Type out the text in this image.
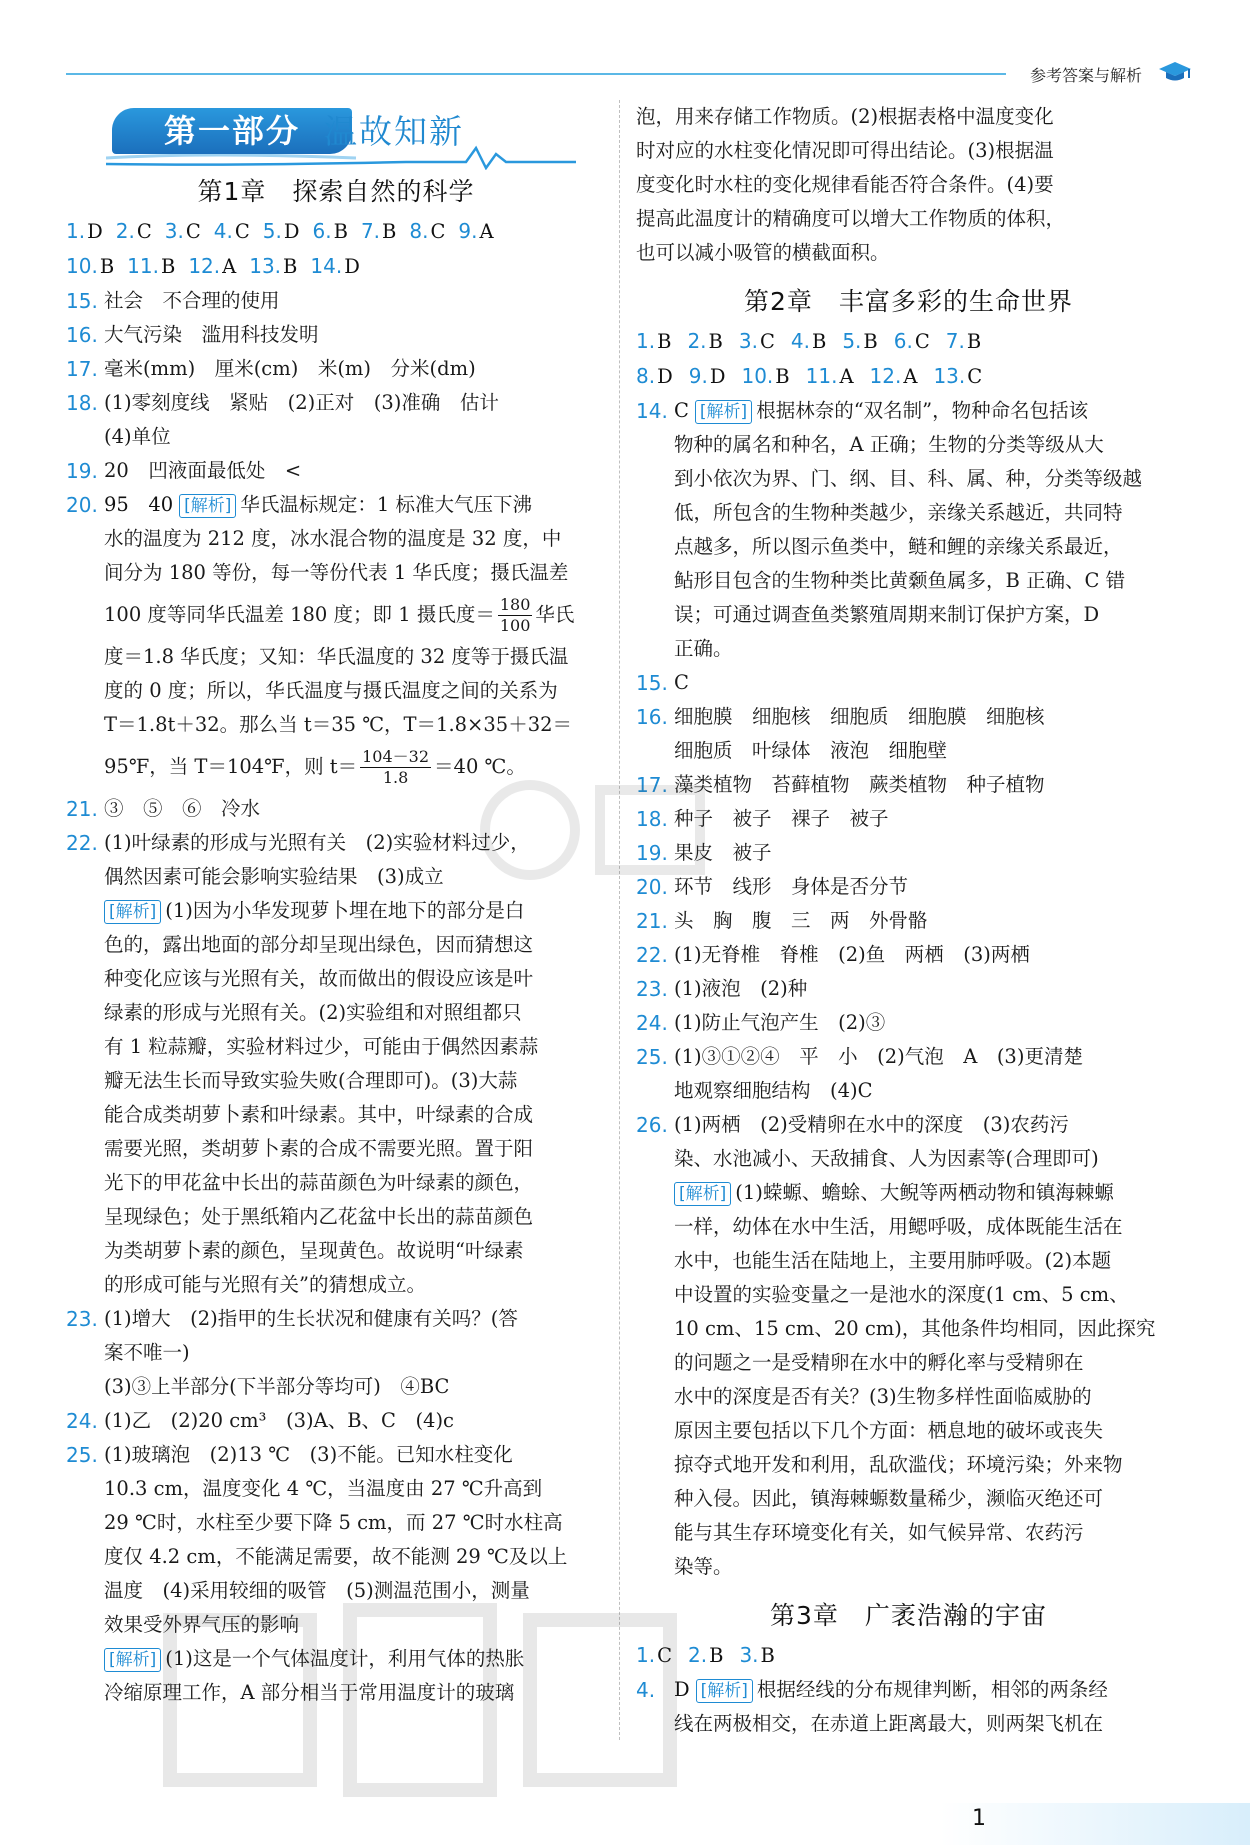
参考答案与解析
第一部分 温故知新
第1章　探索自然的科学
1. D 2. C 3. C 4. C 5. D 6. B 7. B 8. C 9. A
10. B 11. B 12. A 13. B 14. D
15. 社会　不合理的使用
16. 大气污染　滥用科技发明
17. 毫米(mm)　厘米(cm)　米(m)　分米(dm)
18. (1)零刻度线　紧贴　(2)正对　(3)准确　估计

(4)单位

19. 20　凹液面最低处　<
20. 95　40 [解析] 华氏温标规定：1 标准大气压下沸

水的温度为 212 度，冰水混合物的温度是 32 度，中

间分为 180 等份，每一等份代表 1 华氏度；摄氏温差

100 度等同华氏温差 180 度；即 1 摄氏度＝ $\frac{180}{100}$ 华氏

度＝1.8 华氏度；又知：华氏温度的 32 度等于摄氏温

度的 0 度；所以，华氏温度与摄氏温度之间的关系为

T＝1.8t＋32。那么当 t＝35 ℃，T＝1.8×35＋32＝

95℉，当 T＝104℉，则 $t= \frac{104-32}{1.8} =40$ ℃。

21. ③　⑤　⑥　冷水
22. (1)叶绿素的形成与光照有关　(2)实验材料过少，

偶然因素可能会影响实验结果　(3)成立

[解析] (1)因为小华发现萝卜埋在地下的部分是白

色的，露出地面的部分却呈现出绿色，因而猜想这

种变化应该与光照有关，故而做出的假设应该是叶

绿素的形成与光照有关。(2)实验组和对照组都只

有 1 粒蒜瓣，实验材料过少，可能由于偶然因素蒜

瓣无法生长而导致实验失败(合理即可)。(3)大蒜

能合成类胡萝卜素和叶绿素。其中，叶绿素的合成

需要光照，类胡萝卜素的合成不需要光照。置于阳

光下的甲花盆中长出的蒜苗颜色为叶绿素的颜色，

呈现绿色；处于黑纸箱内乙花盆中长出的蒜苗颜色

为类胡萝卜素的颜色，呈现黄色。故说明“叶绿素

的形成可能与光照有关”的猜想成立。

23. (1)增大　(2)指甲的生长状况和健康有关吗？(答

案不唯一)

(3)③上半部分(下半部分等均可)　④BC

24. (1)乙　(2)20 cm³　(3)A、B、C　(4)c
25. (1)玻璃泡　(2)13 ℃　(3)不能。已知水柱变化

10.3 cm，温度变化 4 ℃，当温度由 27 ℃升高到

29 ℃时，水柱至少要下降 5 cm，而 27 ℃时水柱高

度仅 4.2 cm，不能满足需要，故不能测 29 ℃及以上

温度　(4)采用较细的吸管　(5)测温范围小，测量

效果受外界气压的影响

[解析] (1)这是一个气体温度计，利用气体的热胀

冷缩原理工作，A 部分相当于常用温度计的玻璃

泡，用来存储工作物质。(2)根据表格中温度变化
时对应的水柱变化情况即可得出结论。(3)根据温
度变化时水柱的变化规律看能否符合条件。(4)要
提高此温度计的精确度可以增大工作物质的体积，
也可以减小吸管的横截面积。
第2章　丰富多彩的生命世界
1. B 2. B 3. C 4. B 5. B 6. C 7. B
8. D 9. D 10. B 11. A 12. A 13. C
14. C [解析] 根据林奈的“双名制”，物种命名包括该

物种的属名和种名，A 正确；生物的分类等级从大

到小依次为界、门、纲、目、科、属、种，分类等级越

低，所包含的生物种类越少，亲缘关系越近，共同特

点越多，所以图示鱼类中，鲢和鲤的亲缘关系最近，

鲇形目包含的生物种类比黄颡鱼属多，B 正确、C 错

误；可通过调查鱼类繁殖周期来制订保护方案，D

正确。

15. C
16. 细胞膜　细胞核　细胞质　细胞膜　细胞核

细胞质　叶绿体　液泡　细胞壁

17. 藻类植物　苔藓植物　蕨类植物　种子植物
18. 种子　被子　裸子　被子
19. 果皮　被子
20. 环节　线形　身体是否分节
21. 头　胸　腹　三　两　外骨骼
22. (1)无脊椎　脊椎　(2)鱼　两栖　(3)两栖
23. (1)液泡　(2)种
24. (1)防止气泡产生　(2)③
25. (1)③①②④　平　小　(2)气泡　A　(3)更清楚

地观察细胞结构　(4)C

26. (1)两栖　(2)受精卵在水中的深度　(3)农药污

染、水池减小、天敌捕食、人为因素等(合理即可)

[解析] (1)蝾螈、蟾蜍、大鲵等两栖动物和镇海棘螈

一样，幼体在水中生活，用鳃呼吸，成体既能生活在

水中，也能生活在陆地上，主要用肺呼吸。(2)本题

中设置的实验变量之一是池水的深度(1 cm、5 cm、

10 cm、15 cm、20 cm)，其他条件均相同，因此探究

的问题之一是受精卵在水中的孵化率与受精卵在

水中的深度是否有关？(3)生物多样性面临威胁的

原因主要包括以下几个方面：栖息地的破坏或丧失

掠夺式地开发和利用，乱砍滥伐；环境污染；外来物

种入侵。因此，镇海棘螈数量稀少，濒临灭绝还可

能与其生存环境变化有关，如气候异常、农药污

染等。

第3章　广袤浩瀚的宇宙
1. C 2. B 3. B
4. D [解析] 根据经线的分布规律判断，相邻的两条经

线在两极相交，在赤道上距离最大，则两架飞机在

1
